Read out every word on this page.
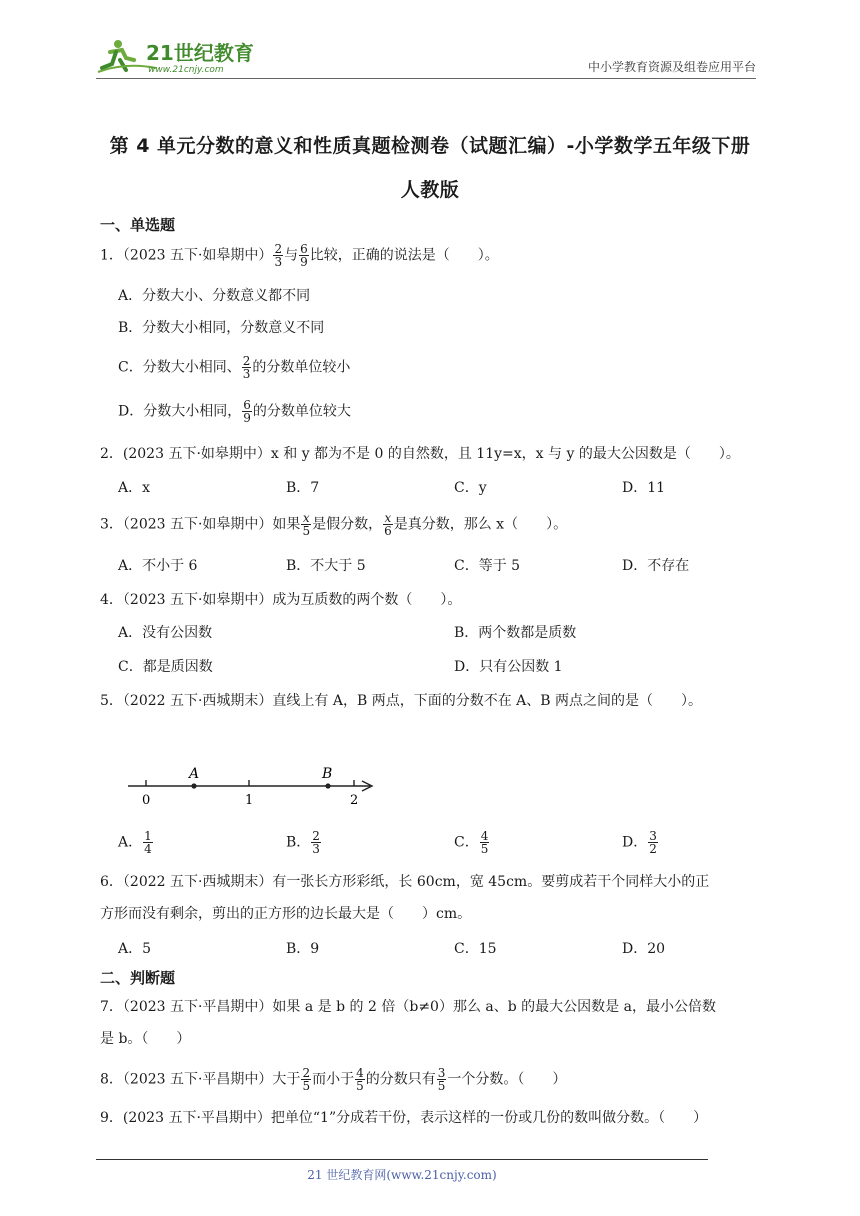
21世纪教育
www.21cnjy.com	中小学教育资源及组卷应用平台
第 4 单元分数的意义和性质真题检测卷（试题汇编）-小学数学五年级下册
人教版
一、单选题
1．（2023 五下·如皋期中） $\frac{2}{3}$ 与 $\frac{6}{9}$ 比较，正确的说法是（　　）。
A．分数大小、分数意义都不同
B．分数大小相同，分数意义不同
C．分数大小相同、 $\frac{2}{3}$ 的分数单位较小
D．分数大小相同， $\frac{6}{9}$ 的分数单位较大
2．(2023 五下·如皋期中）x 和 y 都为不是 0 的自然数，且 11y=x，x 与 y 的最大公因数是（　　）。
A．x	B．7	C．y	D．11
3．（2023 五下·如皋期中）如果 $\frac{x}{5}$ 是假分数， $\frac{x}{6}$ 是真分数，那么 x（　　）。
A．不小于 6	B．不大于 5	C．等于 5	D．不存在
4．（2023 五下·如皋期中）成为互质数的两个数（　　）。
A．没有公因数	B．两个数都是质数
C．都是质因数	D．只有公因数 1
5．（2022 五下·西城期末）直线上有 A，B 两点，下面的分数不在 A、B 两点之间的是（　　）。
A	B
0	1	2
A． $\frac{1}{4}$	B． $\frac{2}{3}$	C． $\frac{4}{5}$	D． $\frac{3}{2}$
6．（2022 五下·西城期末）有一张长方形彩纸，长 60cm，宽 45cm。要剪成若干个同样大小的正
方形而没有剩余，剪出的正方形的边长最大是（　　）cm。
A．5	B．9	C．15	D．20
二、判断题
7．（2023 五下·平昌期中）如果 a 是 b 的 2 倍（b≠0）那么 a、b 的最大公因数是 a，最小公倍数
是 b。（　　）
8．（2023 五下·平昌期中）大于 $\frac{2}{5}$ 而小于 $\frac{4}{5}$ 的分数只有 $\frac{3}{5}$ 一个分数。（　　）
9．(2023 五下·平昌期中）把单位“1”分成若干份，表示这样的一份或几份的数叫做分数。（　　）
21 世纪教育网(www.21cnjy.com)
